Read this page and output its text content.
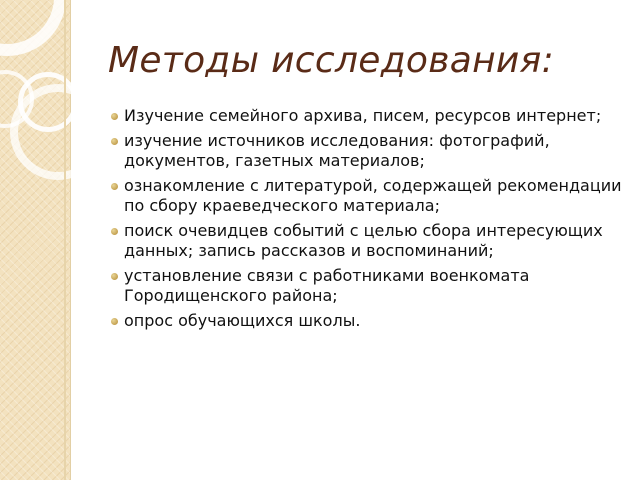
Методы исследования:
Изучение семейного архива, писем, ресурсов интернет;
изучение источников исследования: фотографий, документов, газетных материалов;
ознакомление с литературой, содержащей рекомендации по сбору краеведческого материала;
поиск очевидцев событий с целью сбора интересующих данных; запись рассказов и воспоминаний;
установление связи с работниками военкомата Городищенского района;
опрос обучающихся школы.
